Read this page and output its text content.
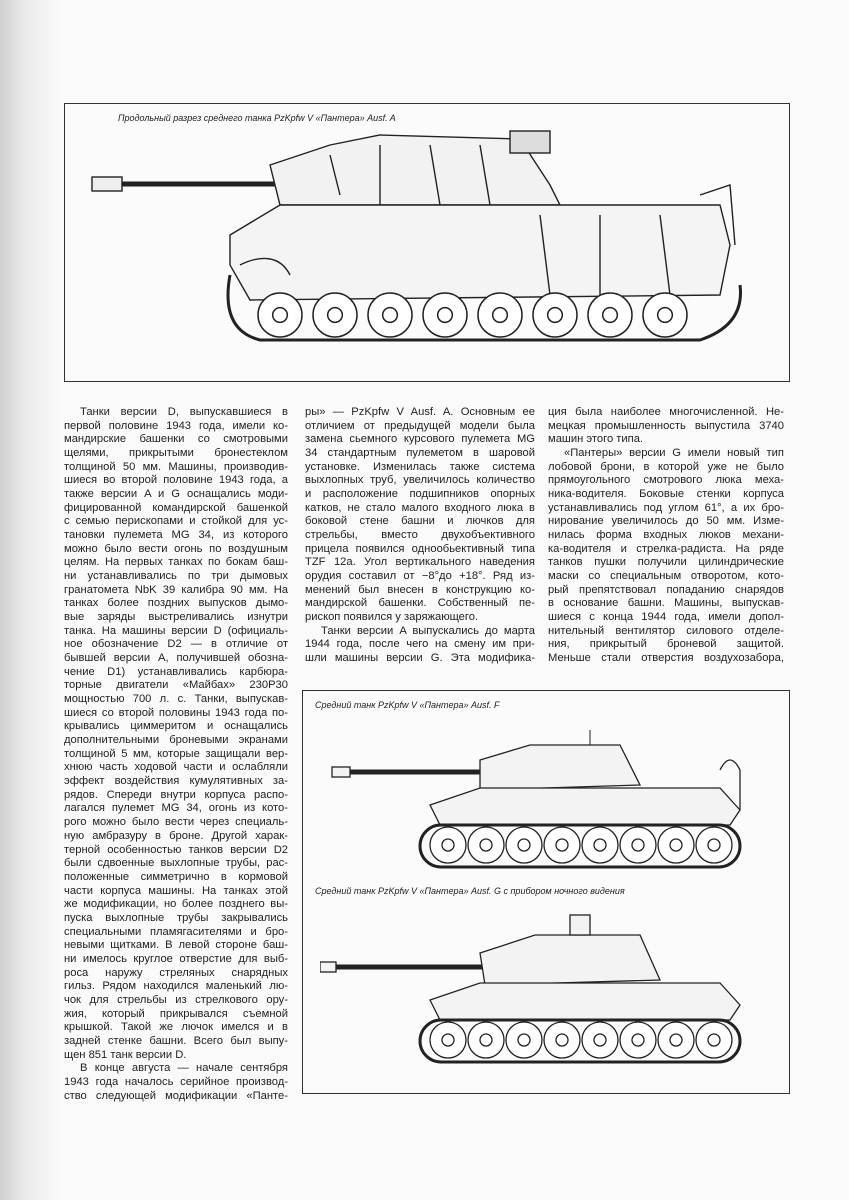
Продольный разрез среднего танка PzKpfw V «Пантера» Ausf. A
Средний танк PzKpfw V «Пантера» Ausf. F
Средний танк PzKpfw V «Пантера» Ausf. G с прибором ночного видения
Танки версии D, выпускавшиеся в
первой половине 1943 года, имели ко-
мандирские башенки со смотровыми
щелями, прикрытыми бронестеклом
толщиной 50 мм. Машины, производив-
шиеся во второй половине 1943 года, а
также версии A и G оснащались моди-
фицированной командирской башенкой
с семью перископами и стойкой для ус-
тановки пулемета MG 34, из которого
можно было вести огонь по воздушным
целям. На первых танках по бокам баш-
ни устанавливались по три дымовых
гранатомета NbK 39 калибра 90 мм. На
танках более поздних выпусков дымо-
вые заряды выстреливались изнутри
танка. На машины версии D (официаль-
ное обозначение D2 — в отличие от
бывшей версии A, получившей обозна-
чение D1) устанавливались карбюра-
торные двигатели «Майбах» 230P30
мощностью 700 л. с. Танки, выпускав-
шиеся со второй половины 1943 года по-
крывались циммеритом и оснащались
дополнительными броневыми экранами
толщиной 5 мм, которые защищали вер-
хнюю часть ходовой части и ослабляли
эффект воздействия кумулятивных за-
рядов. Спереди внутри корпуса распо-
лагался пулемет MG 34, огонь из кото-
рого можно было вести через специаль-
ную амбразуру в броне. Другой харак-
терной особенностью танков версии D2
были сдвоенные выхлопные трубы, рас-
положенные симметрично в кормовой
части корпуса машины. На танках этой
же модификации, но более позднего вы-
пуска выхлопные трубы закрывались
специальными пламягасителями и бро-
невыми щитками. В левой стороне баш-
ни имелось круглое отверстие для выб-
роса наружу стреляных снарядных
гильз. Рядом находился маленький лю-
чок для стрельбы из стрелкового ору-
жия, который прикрывался съемной
крышкой. Такой же лючок имелся и в
задней стенке башни. Всего был выпу-
щен 851 танк версии D.
В конце августа — начале сентября
1943 года началось серийное производ-
ство следующей модификации «Панте-
ры» — PzKpfw V Ausf. A. Основным ее
отличием от предыдущей модели была
замена сьемного курсового пулемета MG
34 стандартным пулеметом в шаровой
установке. Изменилась также система
выхлопных труб, увеличилось количество
и расположение подшипников опорных
катков, не стало малого входного люка в
боковой стене башни и лючков для
стрельбы, вместо двухобъективного
прицела появился однообьективный типа
TZF 12a. Угол вертикального наведения
орудия составил от −8°до +18°. Ряд из-
менений был внесен в конструкцию ко-
мандирской башенки. Собственный пе-
рископ появился у заряжающего.
Танки версии A выпускались до марта
1944 года, после чего на смену им при-
шли машины версии G. Эта модифика-
ция была наиболее многочисленной. Не-
мецкая промышленность выпустила 3740
машин этого типа.
«Пантеры» версии G имели новый тип
лобовой брони, в которой уже не было
прямоугольного смотрового люка меха-
ника-водителя. Боковые стенки корпуса
устанавливались под углом 61°, а их бро-
нирование увеличилось до 50 мм. Изме-
нилась форма входных люков механи-
ка-водителя и стрелка-радиста. На ряде
танков пушки получили цилиндрические
маски со специальным отворотом, кото-
рый препятствовал попаданию снарядов
в основание башни. Машины, выпускав-
шиеся с конца 1944 года, имели допол-
нительный вентилятор силового отделе-
ния, прикрытый броневой защитой.
Меньше стали отверстия воздухозабора,
